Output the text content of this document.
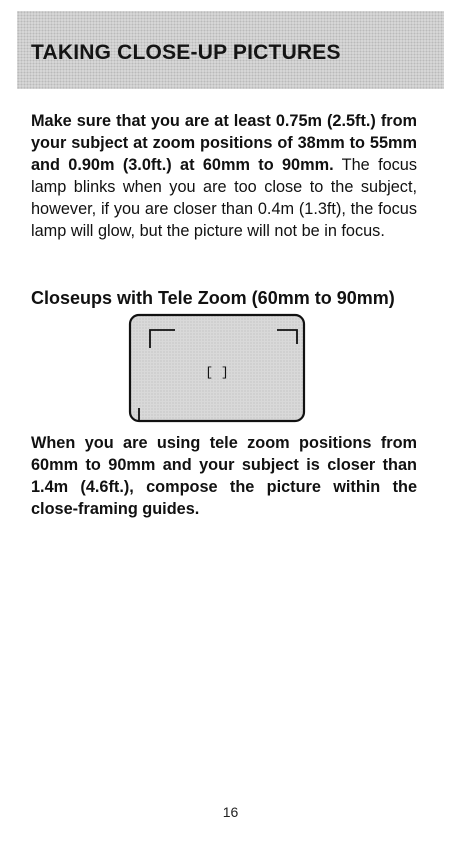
TAKING CLOSE-UP PICTURES

Make sure that you are at least 0.75m (2.5ft.) from your subject at zoom positions of 38mm to 55mm and 0.90m (3.0ft.) at 60mm to 90mm. The focus lamp blinks when you are too close to the subject, however, if you are closer than 0.4m (1.3ft), the focus lamp will glow, but the picture will not be in focus.

Closeups with Tele Zoom (60mm to 90mm)
[ ]

When you are using tele zoom positions from 60mm to 90mm and your subject is closer than 1.4m (4.6ft.), compose the picture within the close-framing guides.

16
